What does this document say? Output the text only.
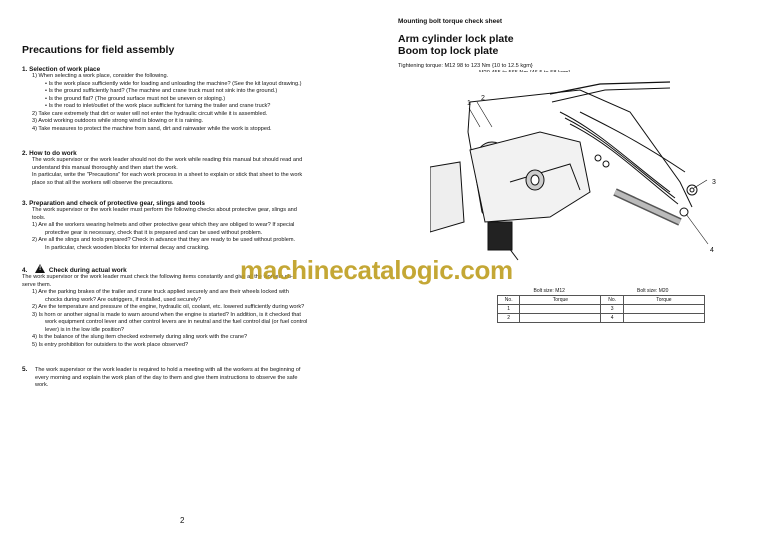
Precautions for field assembly
1. Selection of work place
1) When selecting a work place, consider the following.
• Is the work place sufficiently wide for loading and unloading the machine? (See the kit layout drawing.)
• Is the ground sufficiently hard? (The machine and crane truck must not sink into the ground.)
• Is the ground flat? (The ground surface must not be uneven or sloping.)
• Is the road to inlet/outlet of the work place sufficient for turning the trailer and crane truck?
2) Take care extremely that dirt or water will not enter the hydraulic circuit while it is assembled.
3) Avoid working outdoors while strong wind is blowing or it is raining.
4) Take measures to protect the machine from sand, dirt and rainwater while the work is stopped.
2. How to do work
The work supervisor or the work leader should not do the work while reading this manual but should read and
understand this manual thoroughly and then start the work.
In particular, write the "Precautions" for each work process in a sheet to explain or stick that sheet to the work
place so that all the workers will observe the precautions.
3. Preparation and check of protective gear, slings and tools
The work supervisor or the work leader must perform the following checks about protective gear, slings and
tools.
1) Are all the workers wearing helmets and other protective gear which they are obliged to wear? If special
protective gear is necessary, check that it is prepared and can be used without problem.
2) Are all the slings and tools prepared? Check in advance that they are ready to be used without problem.
In particular, check wooden blocks for internal decay and cracking.
4. ! Check during actual work
The work supervisor or the work leader must check the following items constantly and give all the workers ob-
serve them.
1) Are the parking brakes of the trailer and crane truck applied securely and are their wheels locked with
chocks during work? Are outriggers, if installed, used securely?
2) Are the temperature and pressure of the engine, hydraulic oil, coolant, etc. lowered sufficiently during work?
3) Is horn or another signal is made to warn around when the engine is started? In addition, is it checked that
work equipment control lever and other control levers are in neutral and the fuel control dial (or fuel control
lever) is in the low idle position?
4) Is the balance of the slung item checked extremely during sling work with the crane?
5) Is entry prohibition for outsiders to the work place observed?
5. The work supervisor or the work leader is required to hold a meeting with all the workers at the beginning of
every morning and explain the work plan of the day to them and give them instructions to observe the safe
work.
2
Mounting bolt torque check sheet
Arm cylinder lock plate
Boom top lock plate
Tightening torque: M12 98 to 123 Nm {10 to 12.5 kgm}
M20 455 to 565 Nm {46.5 to 58 kgm}
1
2
3
4
Bolt size: M12		Bolt size: M20	
No.	Torque	No.	Torque
1		3	
2		4	
machinecatalogic.com
